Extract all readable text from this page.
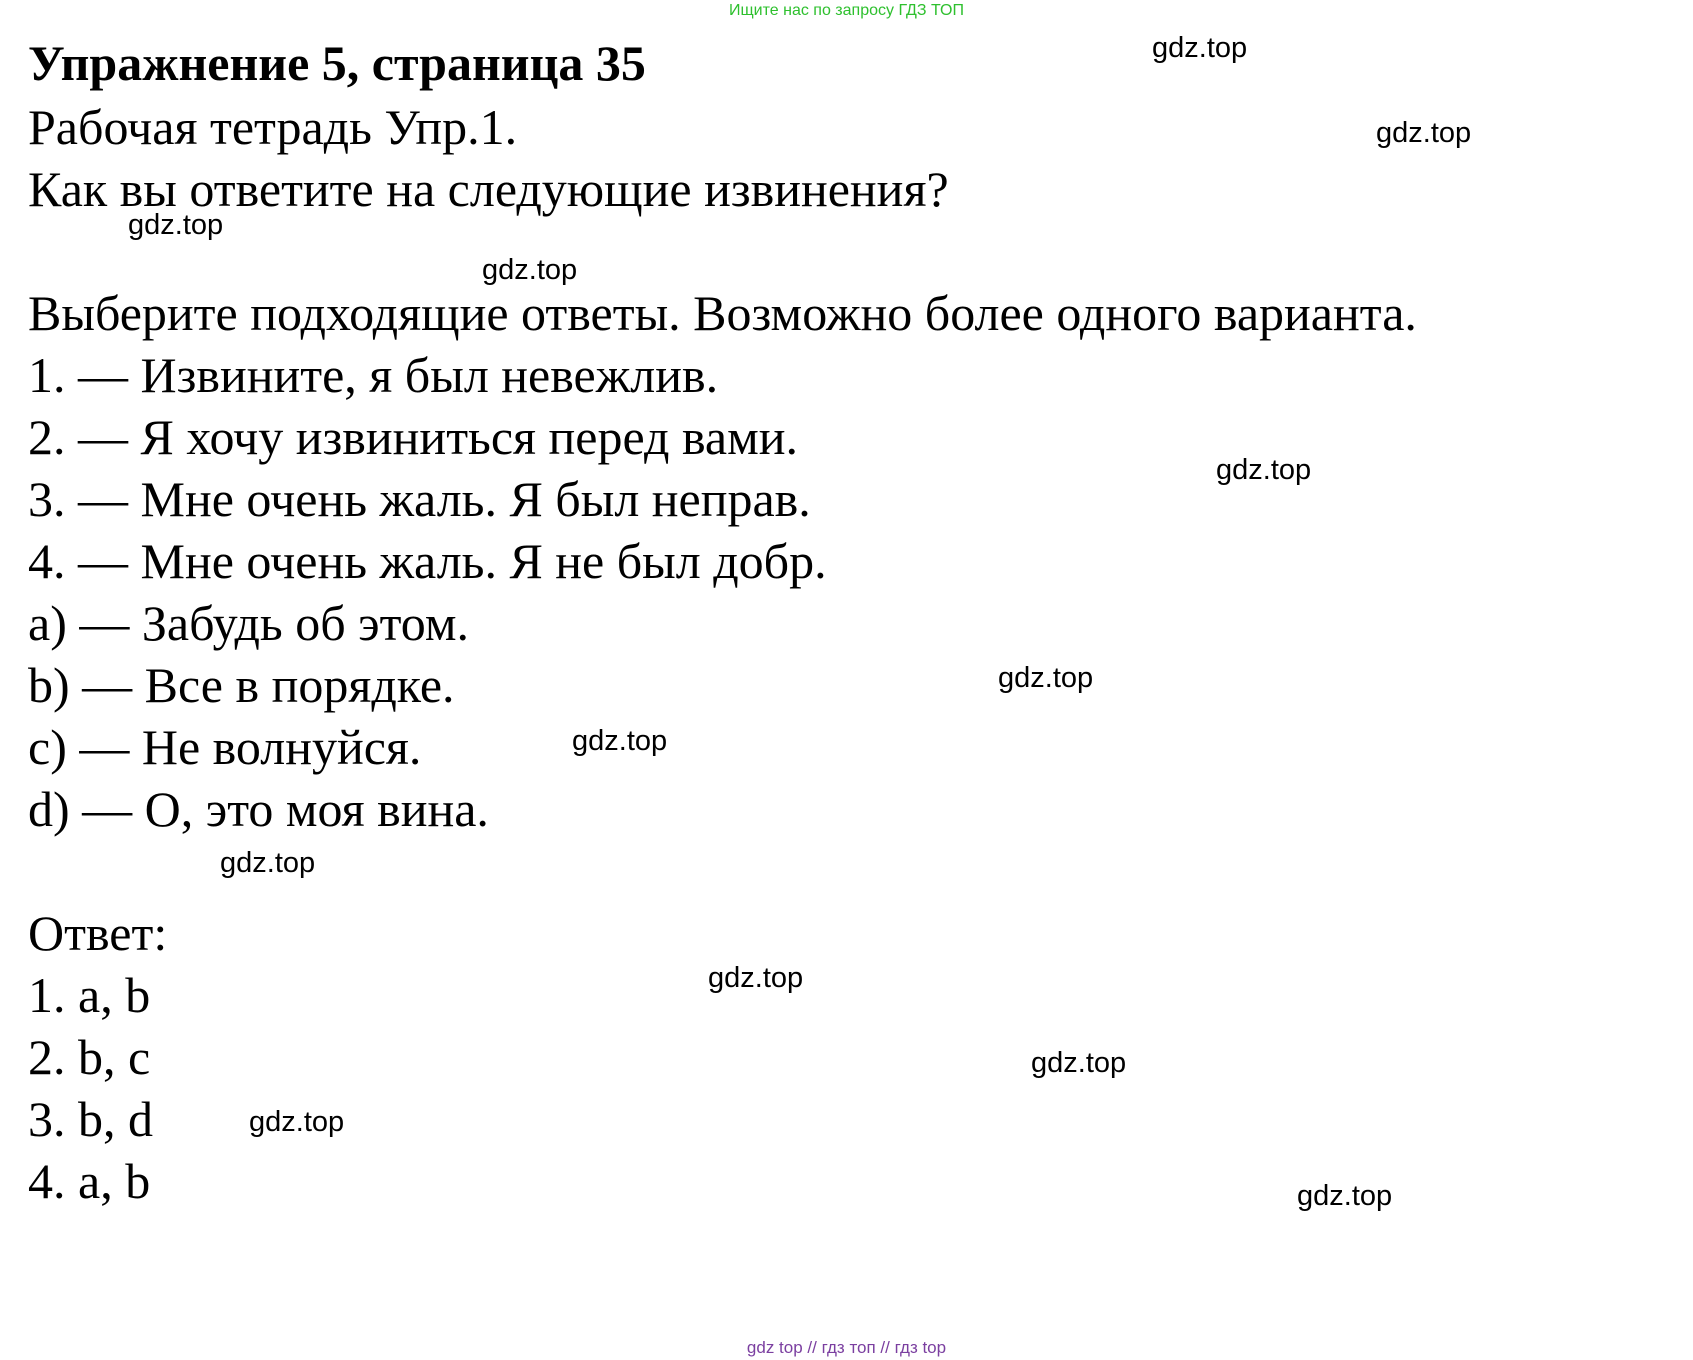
Ищите нас по запросу ГДЗ ТОП
Упражнение 5, страница 35
Рабочая тетрадь Упр.1.
Как вы ответите на следующие извинения?
Выберите подходящие ответы. Возможно более одного варианта.
1. — Извините, я был невежлив.
2. — Я хочу извиниться перед вами.
3. — Мне очень жаль. Я был неправ.
4. — Мне очень жаль. Я не был добр.
a) — Забудь об этом.
b) — Все в порядке.
c) — Не волнуйся.
d) — О, это моя вина.
Ответ:
1. a, b
2. b, c
3. b, d
4. a, b
gdz.top
gdz.top
gdz.top
gdz.top
gdz.top
gdz.top
gdz.top
gdz.top
gdz.top
gdz.top
gdz.top
gdz.top
gdz top // гдз топ // гдз top
